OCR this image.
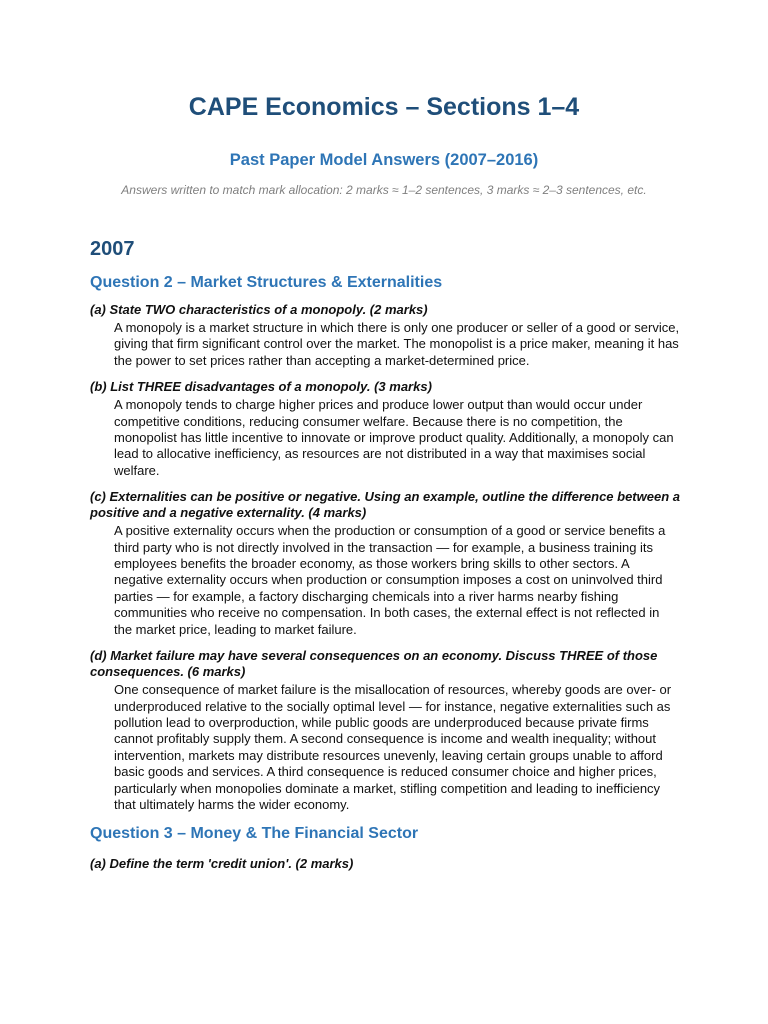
CAPE Economics – Sections 1–4
Past Paper Model Answers (2007–2016)
Answers written to match mark allocation: 2 marks ≈ 1–2 sentences, 3 marks ≈ 2–3 sentences, etc.
2007
Question 2 – Market Structures & Externalities
(a) State TWO characteristics of a monopoly. (2 marks)
A monopoly is a market structure in which there is only one producer or seller of a good or service, giving that firm significant control over the market. The monopolist is a price maker, meaning it has the power to set prices rather than accepting a market-determined price.
(b) List THREE disadvantages of a monopoly. (3 marks)
A monopoly tends to charge higher prices and produce lower output than would occur under competitive conditions, reducing consumer welfare. Because there is no competition, the monopolist has little incentive to innovate or improve product quality. Additionally, a monopoly can lead to allocative inefficiency, as resources are not distributed in a way that maximises social welfare.
(c) Externalities can be positive or negative. Using an example, outline the difference between a positive and a negative externality. (4 marks)
A positive externality occurs when the production or consumption of a good or service benefits a third party who is not directly involved in the transaction — for example, a business training its employees benefits the broader economy, as those workers bring skills to other sectors. A negative externality occurs when production or consumption imposes a cost on uninvolved third parties — for example, a factory discharging chemicals into a river harms nearby fishing communities who receive no compensation. In both cases, the external effect is not reflected in the market price, leading to market failure.
(d) Market failure may have several consequences on an economy. Discuss THREE of those consequences. (6 marks)
One consequence of market failure is the misallocation of resources, whereby goods are over- or underproduced relative to the socially optimal level — for instance, negative externalities such as pollution lead to overproduction, while public goods are underproduced because private firms cannot profitably supply them. A second consequence is income and wealth inequality; without intervention, markets may distribute resources unevenly, leaving certain groups unable to afford basic goods and services. A third consequence is reduced consumer choice and higher prices, particularly when monopolies dominate a market, stifling competition and leading to inefficiency that ultimately harms the wider economy.
Question 3 – Money & The Financial Sector
(a) Define the term 'credit union'. (2 marks)
